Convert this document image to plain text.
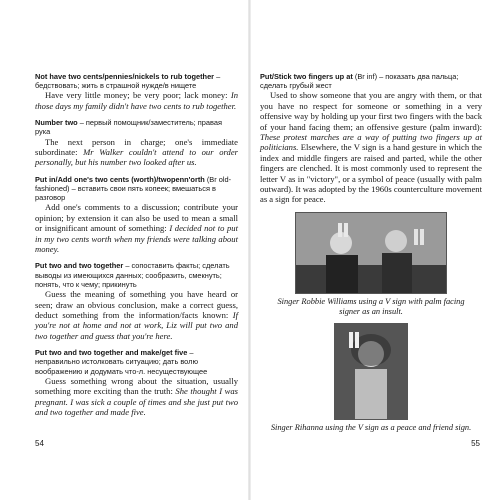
Not have two cents/pennies/nickels to rub together – бедствовать; жить в страшной нужде/в нищете

Have very little money; be very poor; lack money: In those days my family didn't have two cents to rub together.

Number two – первый помощник/заместитель; правая рука

The next person in charge; one's immediate subordinate: Mr Walker couldn't attend to our order personally, but his number two looked after us.

Put in/Add one's two cents (worth)/twopenn'orth (Br old-fashioned) – вставить свои пять копеек; вмешаться в разговор

Add one's comments to a discussion; contribute your opinion; by extension it can also be used to mean a small or insignificant amount of something: I decided not to put in my two cents worth when my friends were talking about money.

Put two and two together – сопоставить факты; сделать выводы из имеющихся данных; сообразить, смекнуть; понять, что к чему; прикинуть

Guess the meaning of something you have heard or seen; draw an obvious conclusion, make a correct guess, deduct something from the information/facts known: If you're not at home and not at work, Liz will put two and two together and guess that you're here.

Put two and two together and make/get five – неправильно истолковать ситуацию; дать волю воображению и додумать что-л. несуществующее

Guess something wrong about the situation, usually something more exciting than the truth: She thought I was pregnant. I was sick a couple of times and she just put two and two together and made five.

54

Put/Stick two fingers up at (Br inf) – показать два пальца; сделать грубый жест

Used to show someone that you are angry with them, or that you have no respect for someone or something in a very offensive way by holding up your first two fingers with the back of your hand facing them; an offensive gesture (palm inward): These protest marches are a way of putting two fingers up at politicians. Elsewhere, the V sign is a hand gesture in which the index and middle fingers are raised and parted, while the other fingers are clenched. It is most commonly used to represent the letter V as in "victory", or a symbol of peace (usually with palm outward). It was adopted by the 1960s counterculture movement as a sign for peace.

Singer Robbie Williams using a V sign with palm facing signer as an insult.
Singer Rihanna using the V sign as a peace and friend sign.
55
